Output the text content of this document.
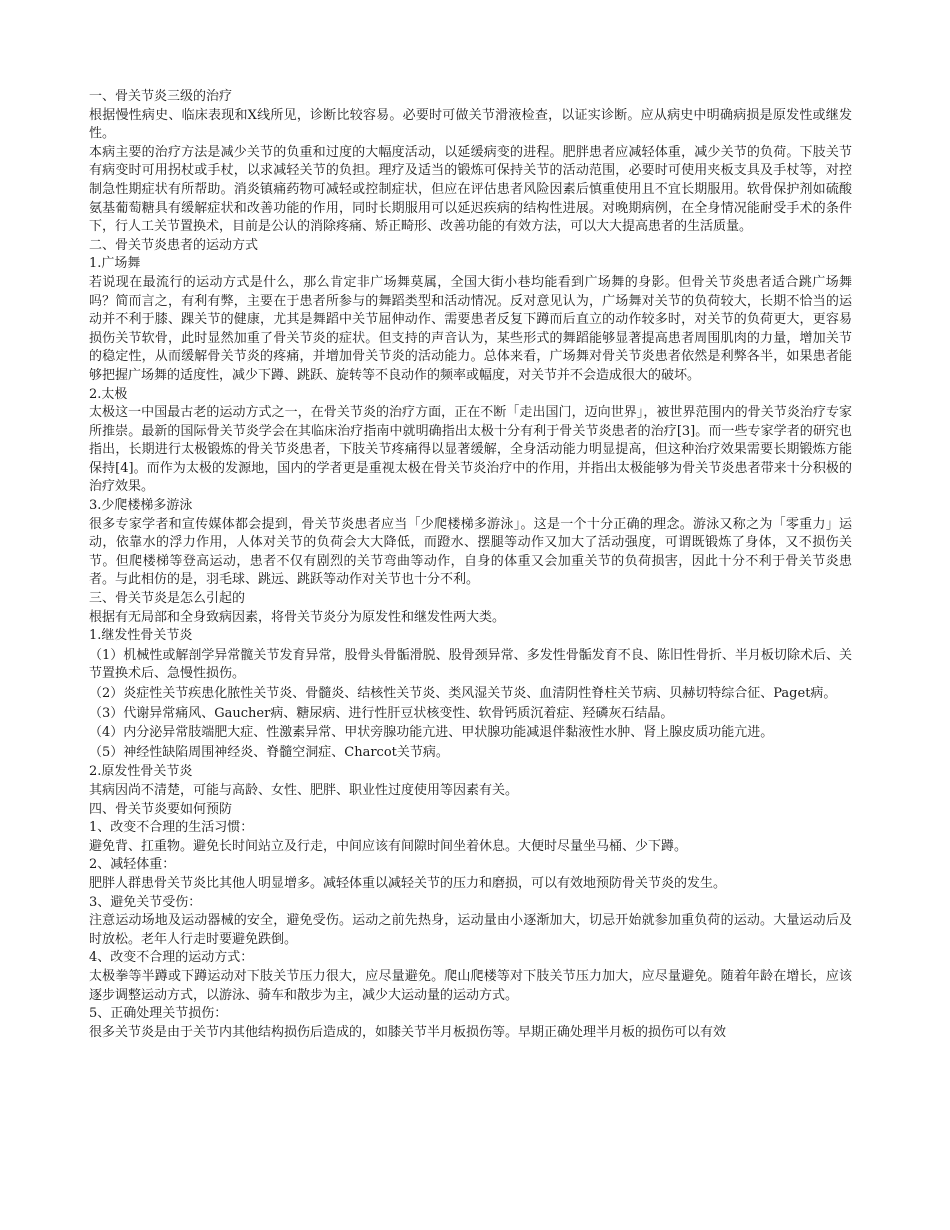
一、骨关节炎三级的治疗

根据慢性病史、临床表现和X线所见，诊断比较容易。必要时可做关节滑液检查，以证实诊断。应从病史中明确病损是原发性或继发性。

本病主要的治疗方法是减少关节的负重和过度的大幅度活动，以延缓病变的进程。肥胖患者应减轻体重，减少关节的负荷。下肢关节有病变时可用拐杖或手杖，以求减轻关节的负担。理疗及适当的锻炼可保持关节的活动范围，必要时可使用夹板支具及手杖等，对控制急性期症状有所帮助。消炎镇痛药物可减轻或控制症状，但应在评估患者风险因素后慎重使用且不宜长期服用。软骨保护剂如硫酸氨基葡萄糖具有缓解症状和改善功能的作用，同时长期服用可以延迟疾病的结构性进展。对晚期病例，在全身情况能耐受手术的条件下，行人工关节置换术，目前是公认的消除疼痛、矫正畸形、改善功能的有效方法，可以大大提高患者的生活质量。

二、骨关节炎患者的运动方式

1.广场舞

若说现在最流行的运动方式是什么，那么肯定非广场舞莫属，全国大街小巷均能看到广场舞的身影。但骨关节炎患者适合跳广场舞吗？简而言之，有利有弊，主要在于患者所参与的舞蹈类型和活动情况。反对意见认为，广场舞对关节的负荷较大，长期不恰当的运动并不利于膝、踝关节的健康，尤其是舞蹈中关节屈伸动作、需要患者反复下蹲而后直立的动作较多时，对关节的负荷更大，更容易损伤关节软骨，此时显然加重了骨关节炎的症状。但支持的声音认为，某些形式的舞蹈能够显著提高患者周围肌肉的力量，增加关节的稳定性，从而缓解骨关节炎的疼痛，并增加骨关节炎的活动能力。总体来看，广场舞对骨关节炎患者依然是利弊各半，如果患者能够把握广场舞的适度性，减少下蹲、跳跃、旋转等不良动作的频率或幅度，对关节并不会造成很大的破坏。

2.太极

太极这一中国最古老的运动方式之一，在骨关节炎的治疗方面，正在不断「走出国门，迈向世界」，被世界范围内的骨关节炎治疗专家所推崇。最新的国际骨关节炎学会在其临床治疗指南中就明确指出太极十分有利于骨关节炎患者的治疗[3]。而一些专家学者的研究也指出，长期进行太极锻炼的骨关节炎患者，下肢关节疼痛得以显著缓解，全身活动能力明显提高，但这种治疗效果需要长期锻炼方能保持[4]。而作为太极的发源地，国内的学者更是重视太极在骨关节炎治疗中的作用，并指出太极能够为骨关节炎患者带来十分积极的治疗效果。

3.少爬楼梯多游泳

很多专家学者和宣传媒体都会提到，骨关节炎患者应当「少爬楼梯多游泳」。这是一个十分正确的理念。游泳又称之为「零重力」运动，依靠水的浮力作用，人体对关节的负荷会大大降低，而蹬水、摆腿等动作又加大了活动强度，可谓既锻炼了身体，又不损伤关节。但爬楼梯等登高运动，患者不仅有剧烈的关节弯曲等动作，自身的体重又会加重关节的负荷损害，因此十分不利于骨关节炎患者。与此相仿的是，羽毛球、跳远、跳跃等动作对关节也十分不利。

三、骨关节炎是怎么引起的

根据有无局部和全身致病因素，将骨关节炎分为原发性和继发性两大类。

1.继发性骨关节炎

（1）机械性或解剖学异常髋关节发育异常，股骨头骨骺滑脱、股骨颈异常、多发性骨骺发育不良、陈旧性骨折、半月板切除术后、关节置换术后、急慢性损伤。

（2）炎症性关节疾患化脓性关节炎、骨髓炎、结核性关节炎、类风湿关节炎、血清阴性脊柱关节病、贝赫切特综合征、Paget病。

（3）代谢异常痛风、Gaucher病、糖尿病、进行性肝豆状核变性、软骨钙质沉着症、羟磷灰石结晶。

（4）内分泌异常肢端肥大症、性激素异常、甲状旁腺功能亢进、甲状腺功能减退伴黏液性水肿、肾上腺皮质功能亢进。

（5）神经性缺陷周围神经炎、脊髓空洞症、Charcot关节病。

2.原发性骨关节炎

其病因尚不清楚，可能与高龄、女性、肥胖、职业性过度使用等因素有关。

四、骨关节炎要如何预防

1、改变不合理的生活习惯：

避免背、扛重物。避免长时间站立及行走，中间应该有间隙时间坐着休息。大便时尽量坐马桶、少下蹲。

2、减轻体重：

肥胖人群患骨关节炎比其他人明显增多。减轻体重以减轻关节的压力和磨损，可以有效地预防骨关节炎的发生。

3、避免关节受伤：

注意运动场地及运动器械的安全，避免受伤。运动之前先热身，运动量由小逐渐加大，切忌开始就参加重负荷的运动。大量运动后及时放松。老年人行走时要避免跌倒。

4、改变不合理的运动方式：

太极拳等半蹲或下蹲运动对下肢关节压力很大，应尽量避免。爬山爬楼等对下肢关节压力加大，应尽量避免。随着年龄在增长，应该逐步调整运动方式，以游泳、骑车和散步为主，减少大运动量的运动方式。

5、正确处理关节损伤：

很多关节炎是由于关节内其他结构损伤后造成的，如膝关节半月板损伤等。早期正确处理半月板的损伤可以有效
